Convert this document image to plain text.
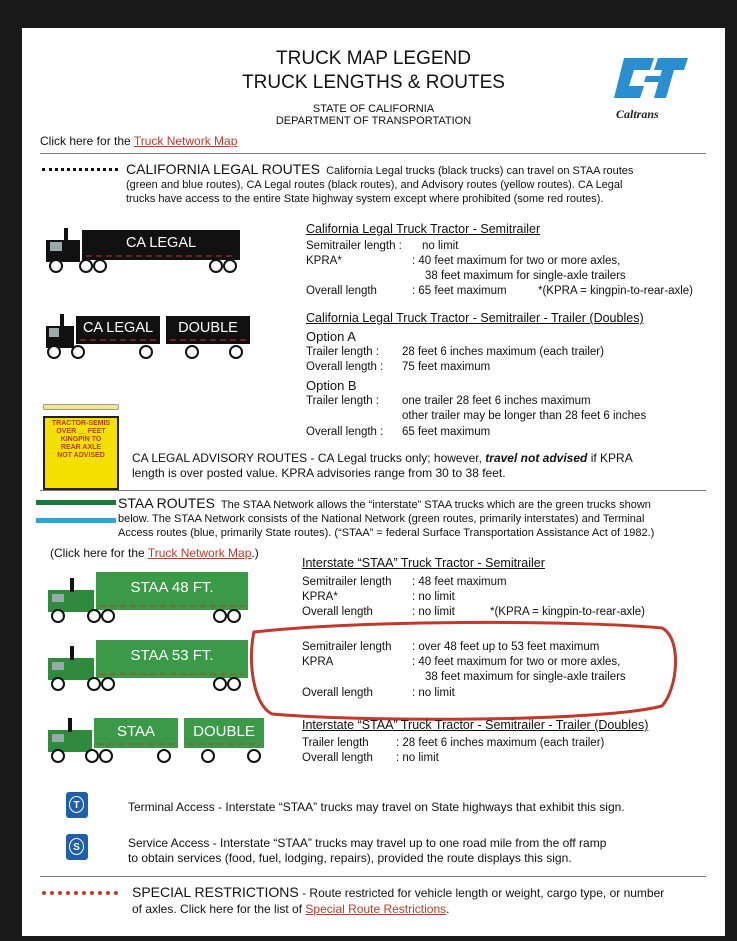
TRUCK MAP LEGEND
TRUCK LENGTHS & ROUTES
STATE OF CALIFORNIA
DEPARTMENT OF TRANSPORTATION	Caltrans
Click here for the Truck Network Map
CALIFORNIA LEGAL ROUTES California Legal trucks (black trucks) can travel on STAA routes
(green and blue routes), CA Legal routes (black routes), and Advisory routes (yellow routes). CA Legal
trucks have access to the entire State highway system except where prohibited (some red routes).
CA LEGAL
California Legal Truck Tractor - Semitrailer
Semitrailer length : no limit
KPRA*	: 40 feet maximum for two or more axles,
38 feet maximum for single-axle trailers
Overall length	: 65 feet maximum	*(KPRA = kingpin-to-rear-axle)
CA LEGAL	DOUBLE
California Legal Truck Tractor - Semitrailer - Trailer (Doubles)
Option A
Trailer length : 28 feet 6 inches maximum (each trailer)
Overall length : 75 feet maximum
Option B
Trailer length : one trailer 28 feet 6 inches maximum
other trailer may be longer than 28 feet 6 inches
Overall length : 65 feet maximum
TRACTOR-SEMIS
OVER __ FEET
KINGPIN TO
REAR AXLE
NOT ADVISED	CA LEGAL ADVISORY ROUTES - CA Legal trucks only; however, travel not advised if KPRA
length is over posted value. KPRA advisories range from 30 to 38 feet.
STAA ROUTES The STAA Network allows the “interstate” STAA trucks which are the green trucks shown
below. The STAA Network consists of the National Network (green routes, primarily interstates) and Terminal
Access routes (blue, primarily State routes). (“STAA” = federal Surface Transportation Assistance Act of 1982.)
(Click here for the Truck Network Map.)
STAA 48 FT.
Interstate “STAA” Truck Tractor - Semitrailer
Semitrailer length : 48 feet maximum
KPRA*	: no limit
Overall length	: no limit	*(KPRA = kingpin-to-rear-axle)
STAA 53 FT.	Semitrailer length : over 48 feet up to 53 feet maximum
KPRA	: 40 feet maximum for two or more axles,
38 feet maximum for single-axle trailers
Overall length	: no limit
STAA	DOUBLE	Interstate “STAA” Truck Tractor - Semitrailer - Trailer (Doubles)
Trailer length : 28 feet 6 inches maximum (each trailer)
Overall length : no limit
T	Terminal Access - Interstate “STAA” trucks may travel on State highways that exhibit this sign.
S	Service Access - Interstate “STAA” trucks may travel up to one road mile from the off ramp
to obtain services (food, fuel, lodging, repairs), provided the route displays this sign.
SPECIAL RESTRICTIONS - Route restricted for vehicle length or weight, cargo type, or number
of axles. Click here for the list of Special Route Restrictions.
